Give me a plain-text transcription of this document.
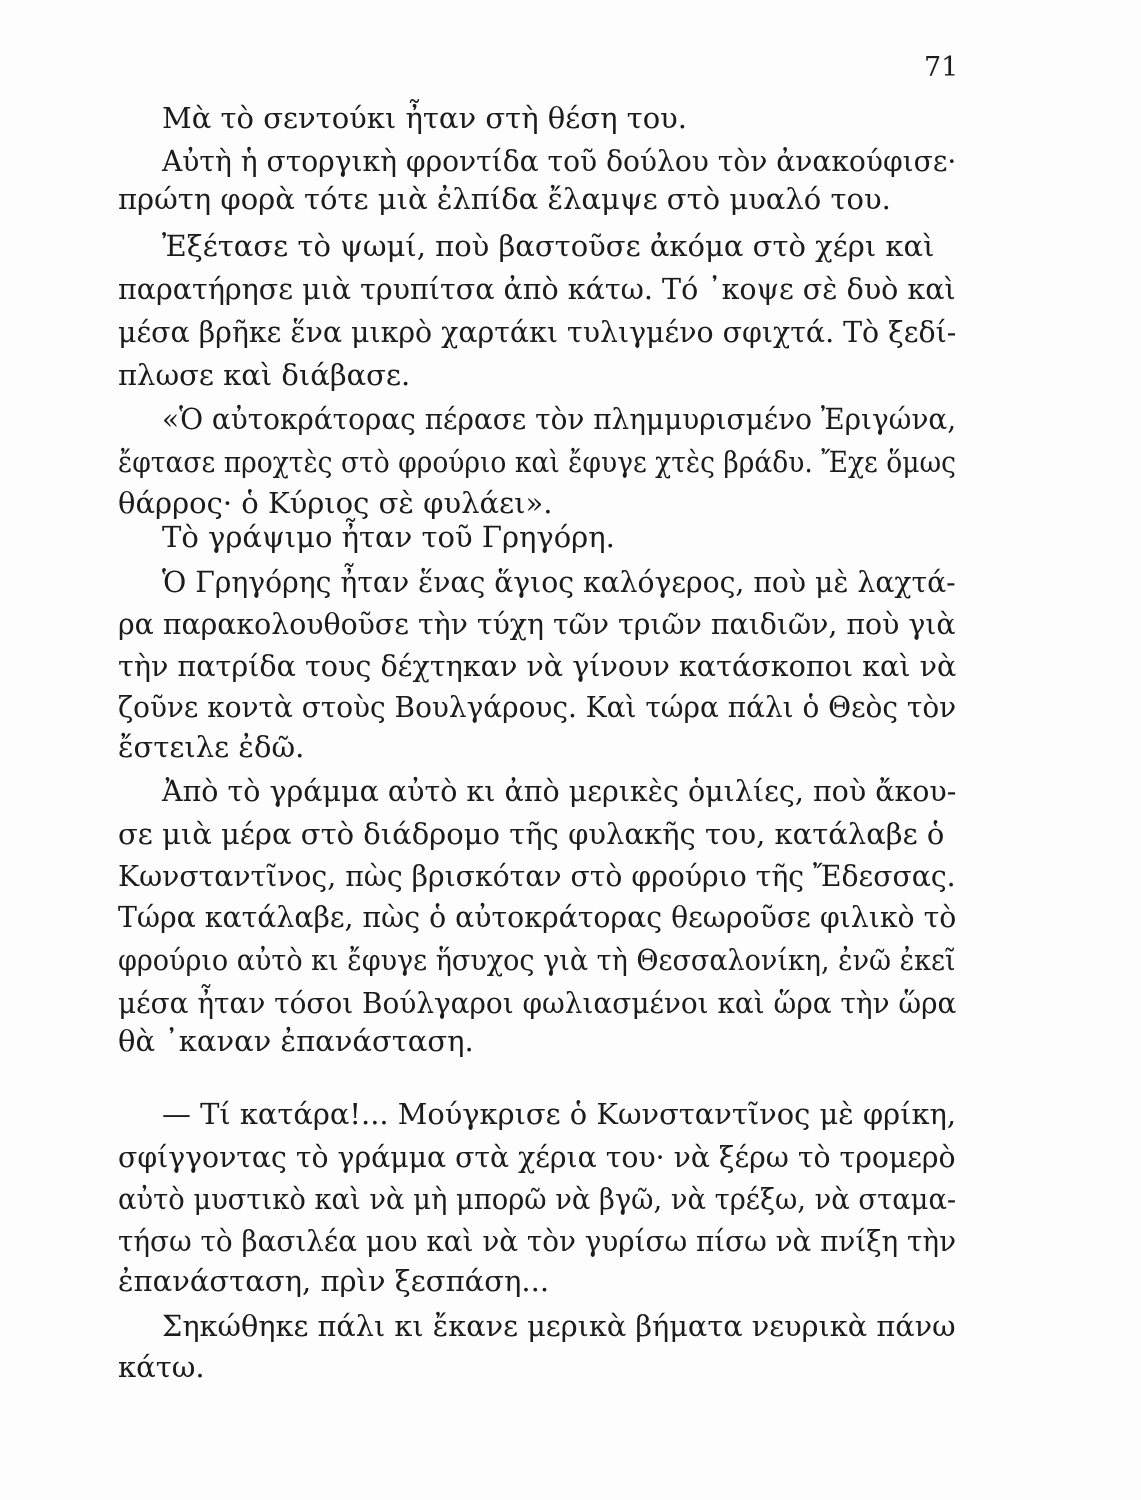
71
Μὰ τὸ σεντούκι ἦταν στὴ θέση του.
Αὐτὴ ἡ στοργικὴ φροντίδα τοῦ δούλου τὸν ἀνακούφισε·
πρώτη φορὰ τότε μιὰ ἐλπίδα ἔλαμψε στὸ μυαλό του.
Ἐξέτασε τὸ ψωμί, ποὺ βαστοῦσε ἀκόμα στὸ χέρι καὶ
παρατήρησε μιὰ τρυπίτσα ἀπὸ κάτω. Τό ᾿κοψε σὲ δυὸ καὶ
μέσα βρῆκε ἕνα μικρὸ χαρτάκι τυλιγμένο σφιχτά. Τὸ ξεδί-
πλωσε καὶ διάβασε.
«Ὁ αὐτοκράτορας πέρασε τὸν πλημμυρισμένο Ἐριγώνα,
ἔφτασε προχτὲς στὸ φρούριο καὶ ἔφυγε χτὲς βράδυ. Ἔχε ὅμως
θάρρος· ὁ Κύριος σὲ φυλάει».
Τὸ γράψιμο ἦταν τοῦ Γρηγόρη.
Ὁ Γρηγόρης ἦταν ἕνας ἅγιος καλόγερος, ποὺ μὲ λαχτά-
ρα παρακολουθοῦσε τὴν τύχη τῶν τριῶν παιδιῶν, ποὺ γιὰ
τὴν πατρίδα τους δέχτηκαν νὰ γίνουν κατάσκοποι καὶ νὰ
ζοῦνε κοντὰ στοὺς Βουλγάρους. Καὶ τώρα πάλι ὁ Θεὸς τὸν
ἔστειλε ἐδῶ.
Ἀπὸ τὸ γράμμα αὐτὸ κι ἀπὸ μερικὲς ὁμιλίες, ποὺ ἄκου-
σε μιὰ μέρα στὸ διάδρομο τῆς φυλακῆς του, κατάλαβε ὁ
Κωνσταντῖνος, πὼς βρισκόταν στὸ φρούριο τῆς Ἔδεσσας.
Τώρα κατάλαβε, πὼς ὁ αὐτοκράτορας θεωροῦσε φιλικὸ τὸ
φρούριο αὐτὸ κι ἔφυγε ἥσυχος γιὰ τὴ Θεσσαλονίκη, ἐνῶ ἐκεῖ
μέσα ἦταν τόσοι Βούλγαροι φωλιασμένοι καὶ ὥρα τὴν ὥρα
θὰ ᾿καναν ἐπανάσταση.
— Τί κατάρα!... Μούγκρισε ὁ Κωνσταντῖνος μὲ φρίκη,
σφίγγοντας τὸ γράμμα στὰ χέρια του· νὰ ξέρω τὸ τρομερὸ
αὐτὸ μυστικὸ καὶ νὰ μὴ μπορῶ νὰ βγῶ, νὰ τρέξω, νὰ σταμα-
τήσω τὸ βασιλέα μου καὶ νὰ τὸν γυρίσω πίσω νὰ πνίξη τὴν
ἐπανάσταση, πρὶν ξεσπάση...
Σηκώθηκε πάλι κι ἔκανε μερικὰ βήματα νευρικὰ πάνω
κάτω.
